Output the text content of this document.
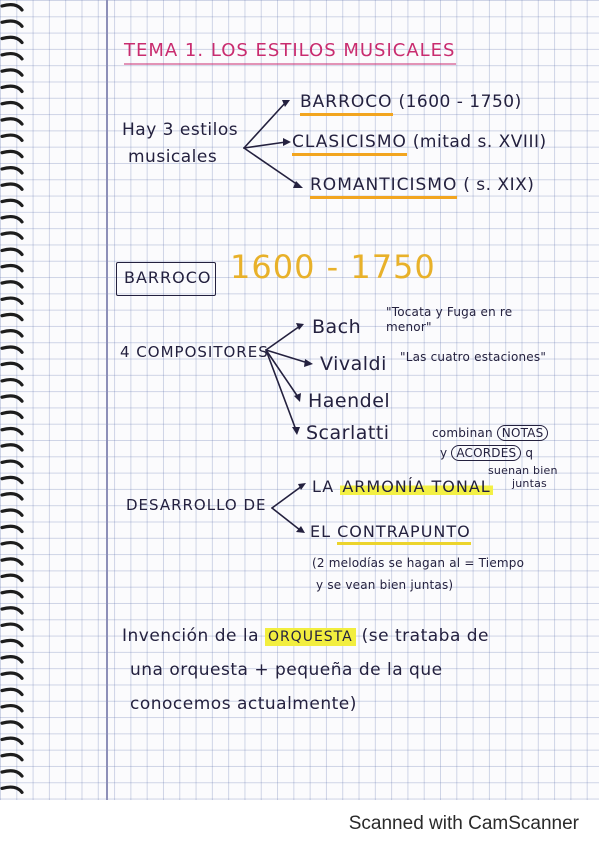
TEMA 1. LOS ESTILOS MUSICALES
Hay 3 estilos
musicales
BARROCO (1600 - 1750)
CLASICISMO (mitad s. XVIII)
ROMANTICISMO ( s. XIX)
BARROCO 1600 - 1750
4 COMPOSITORES
Bach
"Tocata y Fuga en re menor"
Vivaldi "Las cuatro estaciones"
Haendel
Scarlatti	combinan NOTAS
y ACORDES q
suenan bien
juntas
DESARROLLO DE
LA ARMONÍA TONAL
EL CONTRAPUNTO
(2 melodías se hagan al = Tiempo
y se vean bien juntas)
Invención de la ORQUESTA (se trataba de
una orquesta + pequeña de la que
conocemos actualmente)
Scanned with CamScanner
